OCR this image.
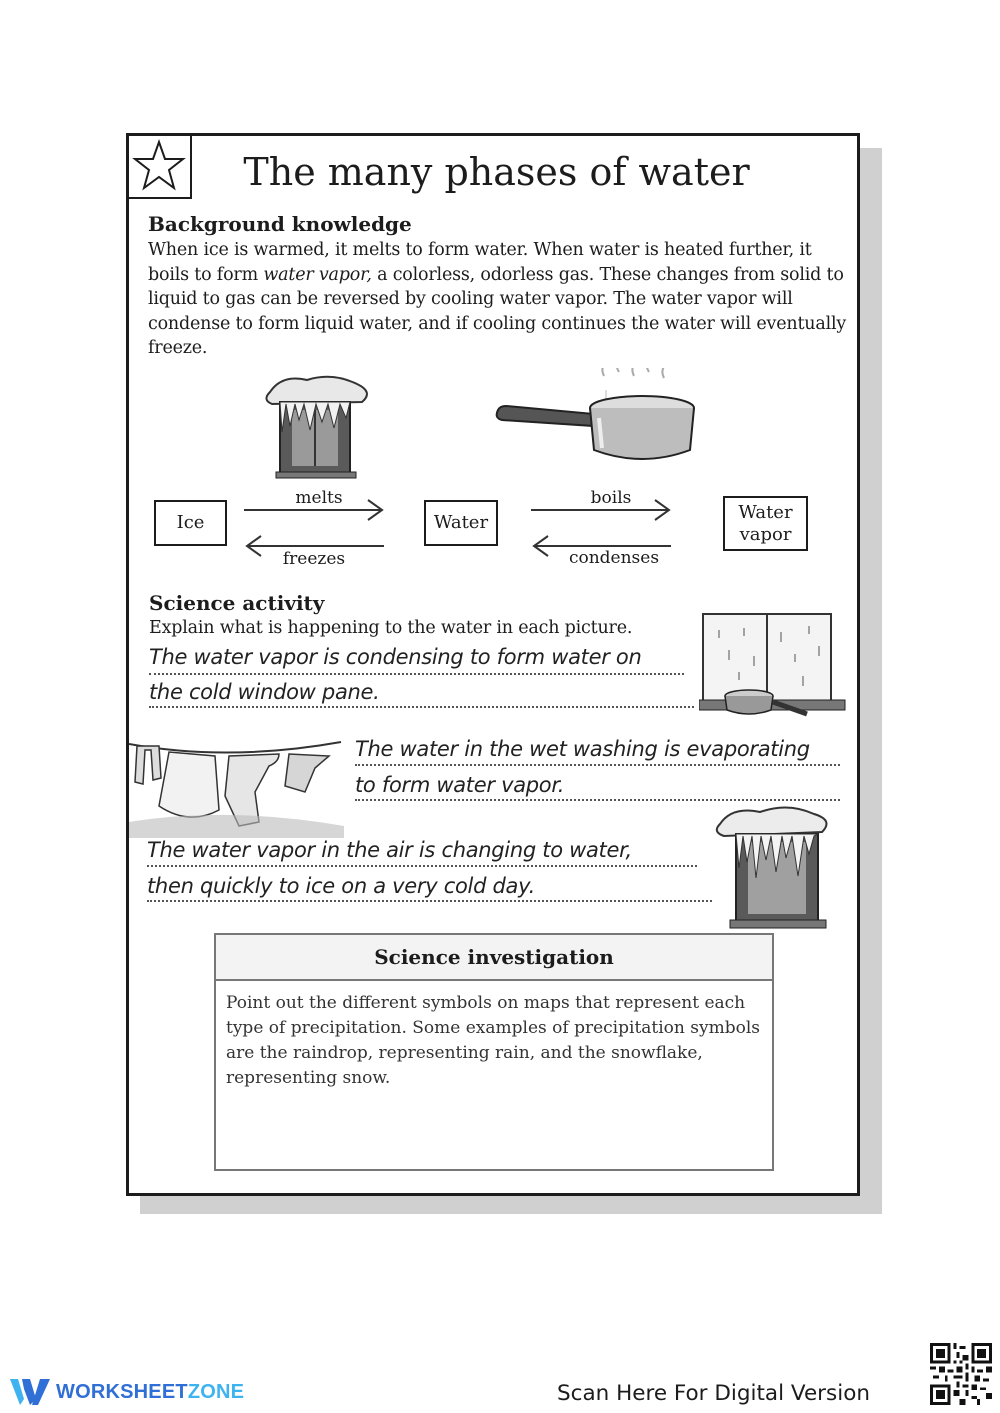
The many phases of water
Background knowledge
When ice is warmed, it melts to form water. When water is heated further, it boils to form water vapor, a colorless, odorless gas. These changes from solid to liquid to gas can be reversed by cooling water vapor. The water vapor will condense to form liquid water, and if cooling continues the water will eventually freeze.
Ice	Water	Water vapor
melts
freezes
boils
condenses
Science activity
Explain what is happening to the water in each picture.
The water vapor is condensing to form water on
the cold window pane.
The water in the wet washing is evaporating
to form water vapor.
The water vapor in the air is changing to water,
then quickly to ice on a very cold day.
Science investigation
Point out the different symbols on maps that represent each type of precipitation. Some examples of precipitation symbols are the raindrop, representing rain, and the snowflake, representing snow.
WORKSHEETZONE	Scan Here For Digital Version
